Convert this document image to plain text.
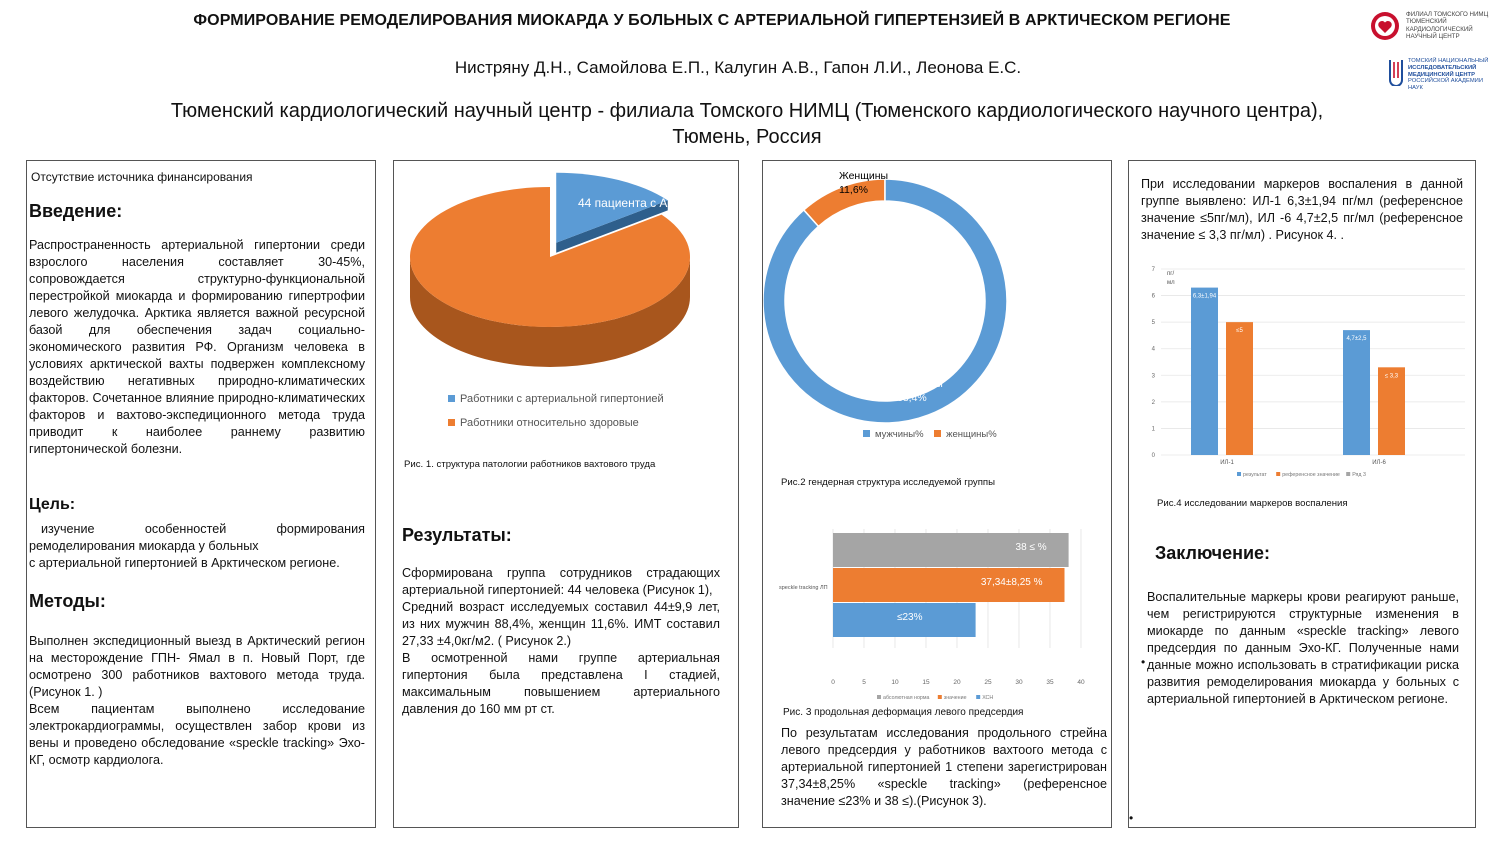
ФОРМИРОВАНИЕ РЕМОДЕЛИРОВАНИЯ МИОКАРДА У БОЛЬНЫХ С АРТЕРИАЛЬНОЙ ГИПЕРТЕНЗИЕЙ В АРКТИЧЕСКОМ РЕГИОНЕ
Нистряну Д.Н., Самойлова Е.П., Калугин А.В., Гапон Л.И., Леонова Е.С.
Тюменский кардиологический научный центр - филиала Томского НИМЦ (Тюменского кардиологического научного центра),
Тюмень, Россия
ФИЛИАЛ ТОМСКОГО НИМЦ
ТЮМЕНСКИЙ
КАРДИОЛОГИЧЕСКИЙ
НАУЧНЫЙ ЦЕНТР
ТОМСКИЙ НАЦИОНАЛЬНЫЙ
ИССЛЕДОВАТЕЛЬСКИЙ
МЕДИЦИНСКИЙ ЦЕНТР
РОССИЙСКОЙ АКАДЕМИИ НАУК
Отсутствие источника финансирования
Введение:
Распространенность артериальной гипертонии среди взрослого населения составляет 30-45%, сопровождается структурно-функциональной перестройкой миокарда и формированию гипертрофии левого желудочка. Арктика является важной ресурсной базой для обеспечения задач социально-экономического развития РФ. Организм человека в условиях арктической вахты подвержен комплексному воздействию негативных природно-климатических факторов. Сочетанное влияние природно-климатических факторов и вахтово-экспедиционного метода труда приводит к наиболее раннему развитию гипертонической болезни.
Цель:
изучение особенностей формирования ремоделирования миокарда у больных
с артериальной гипертонией в Арктическом регионе.
Методы:
Выполнен экспедиционный выезд в Арктический регион на месторождение ГПН- Ямал в п. Новый Порт, где осмотрено 300 работников вахтового метода труда. (Рисунок 1. )
Всем пациентам выполнено исследование электрокардиограммы, осуществлен забор крови из вены и проведено обследование «speckle tracking» Эхо-КГ, осмотр кардиолога.
44 пациента с АГ
Работники с артериальной гипертонией
Работники относительно здоровые
Рис. 1. структура патологии работников вахтового труда
Результаты:
Сформирована группа сотрудников страдающих артериальной гипертонией: 44 человека (Рисунок 1),
Средний возраст исследуемых составил 44±9,9 лет, из них мужчин 88,4%, женщин 11,6%. ИМТ составил 27,33 ±4,0кг/м2. ( Рисунок 2.)
В осмотренной нами группе артериальная гипертония была представлена I стадией, максимальным повышением артериального давления до 160 мм рт ст.
Женщины 11,6%
Мужчины 88,4%
мужчины% женщины%
Рис.2 гендерная структура исследуемой группы
0	5	10	15	20	25	30	35	40
38 ≤ %
37,34±8,25 %
≤23%
абсолютная норма	значение	ХСН
speckle tracking ЛП
Рис. 3 продольная деформация левого предсердия
По результатам исследования продольного стрейна левого предсердия у работников вахтоого метода с артериальной гипертонией 1 степени зарегистрирован 37,34±8,25% «speckle tracking» (референсное значение ≤23% и 38 ≤).(Рисунок 3).
При исследовании маркеров воспаления в данной группе выявлено: ИЛ-1 6,3±1,94 пг/мл (референсное значение ≤5пг/мл), ИЛ -6 4,7±2,5 пг/мл (референсное значение ≤ 3,3 пг/мл) . Рисунок 4. .
0
1
2
3
4
5
6
7
пг/
мл
6,3±1,94
≤5
ИЛ-1
4,7±2,5
≤ 3,3
ИЛ-6
результат	референсное значение Ряд 3
Рис.4 исследовании маркеров воспаления
Заключение:
Воспалительные маркеры крови реагируют раньше, чем регистрируются структурные изменения в миокарде по данным «speckle tracking» левого предсердия по данным Эхо-КГ. Полученные нами данные можно использовать в стратификации риска развития ремоделирования миокарда у больных с артериальной гипертонией в Арктическом регионе.
•
•
